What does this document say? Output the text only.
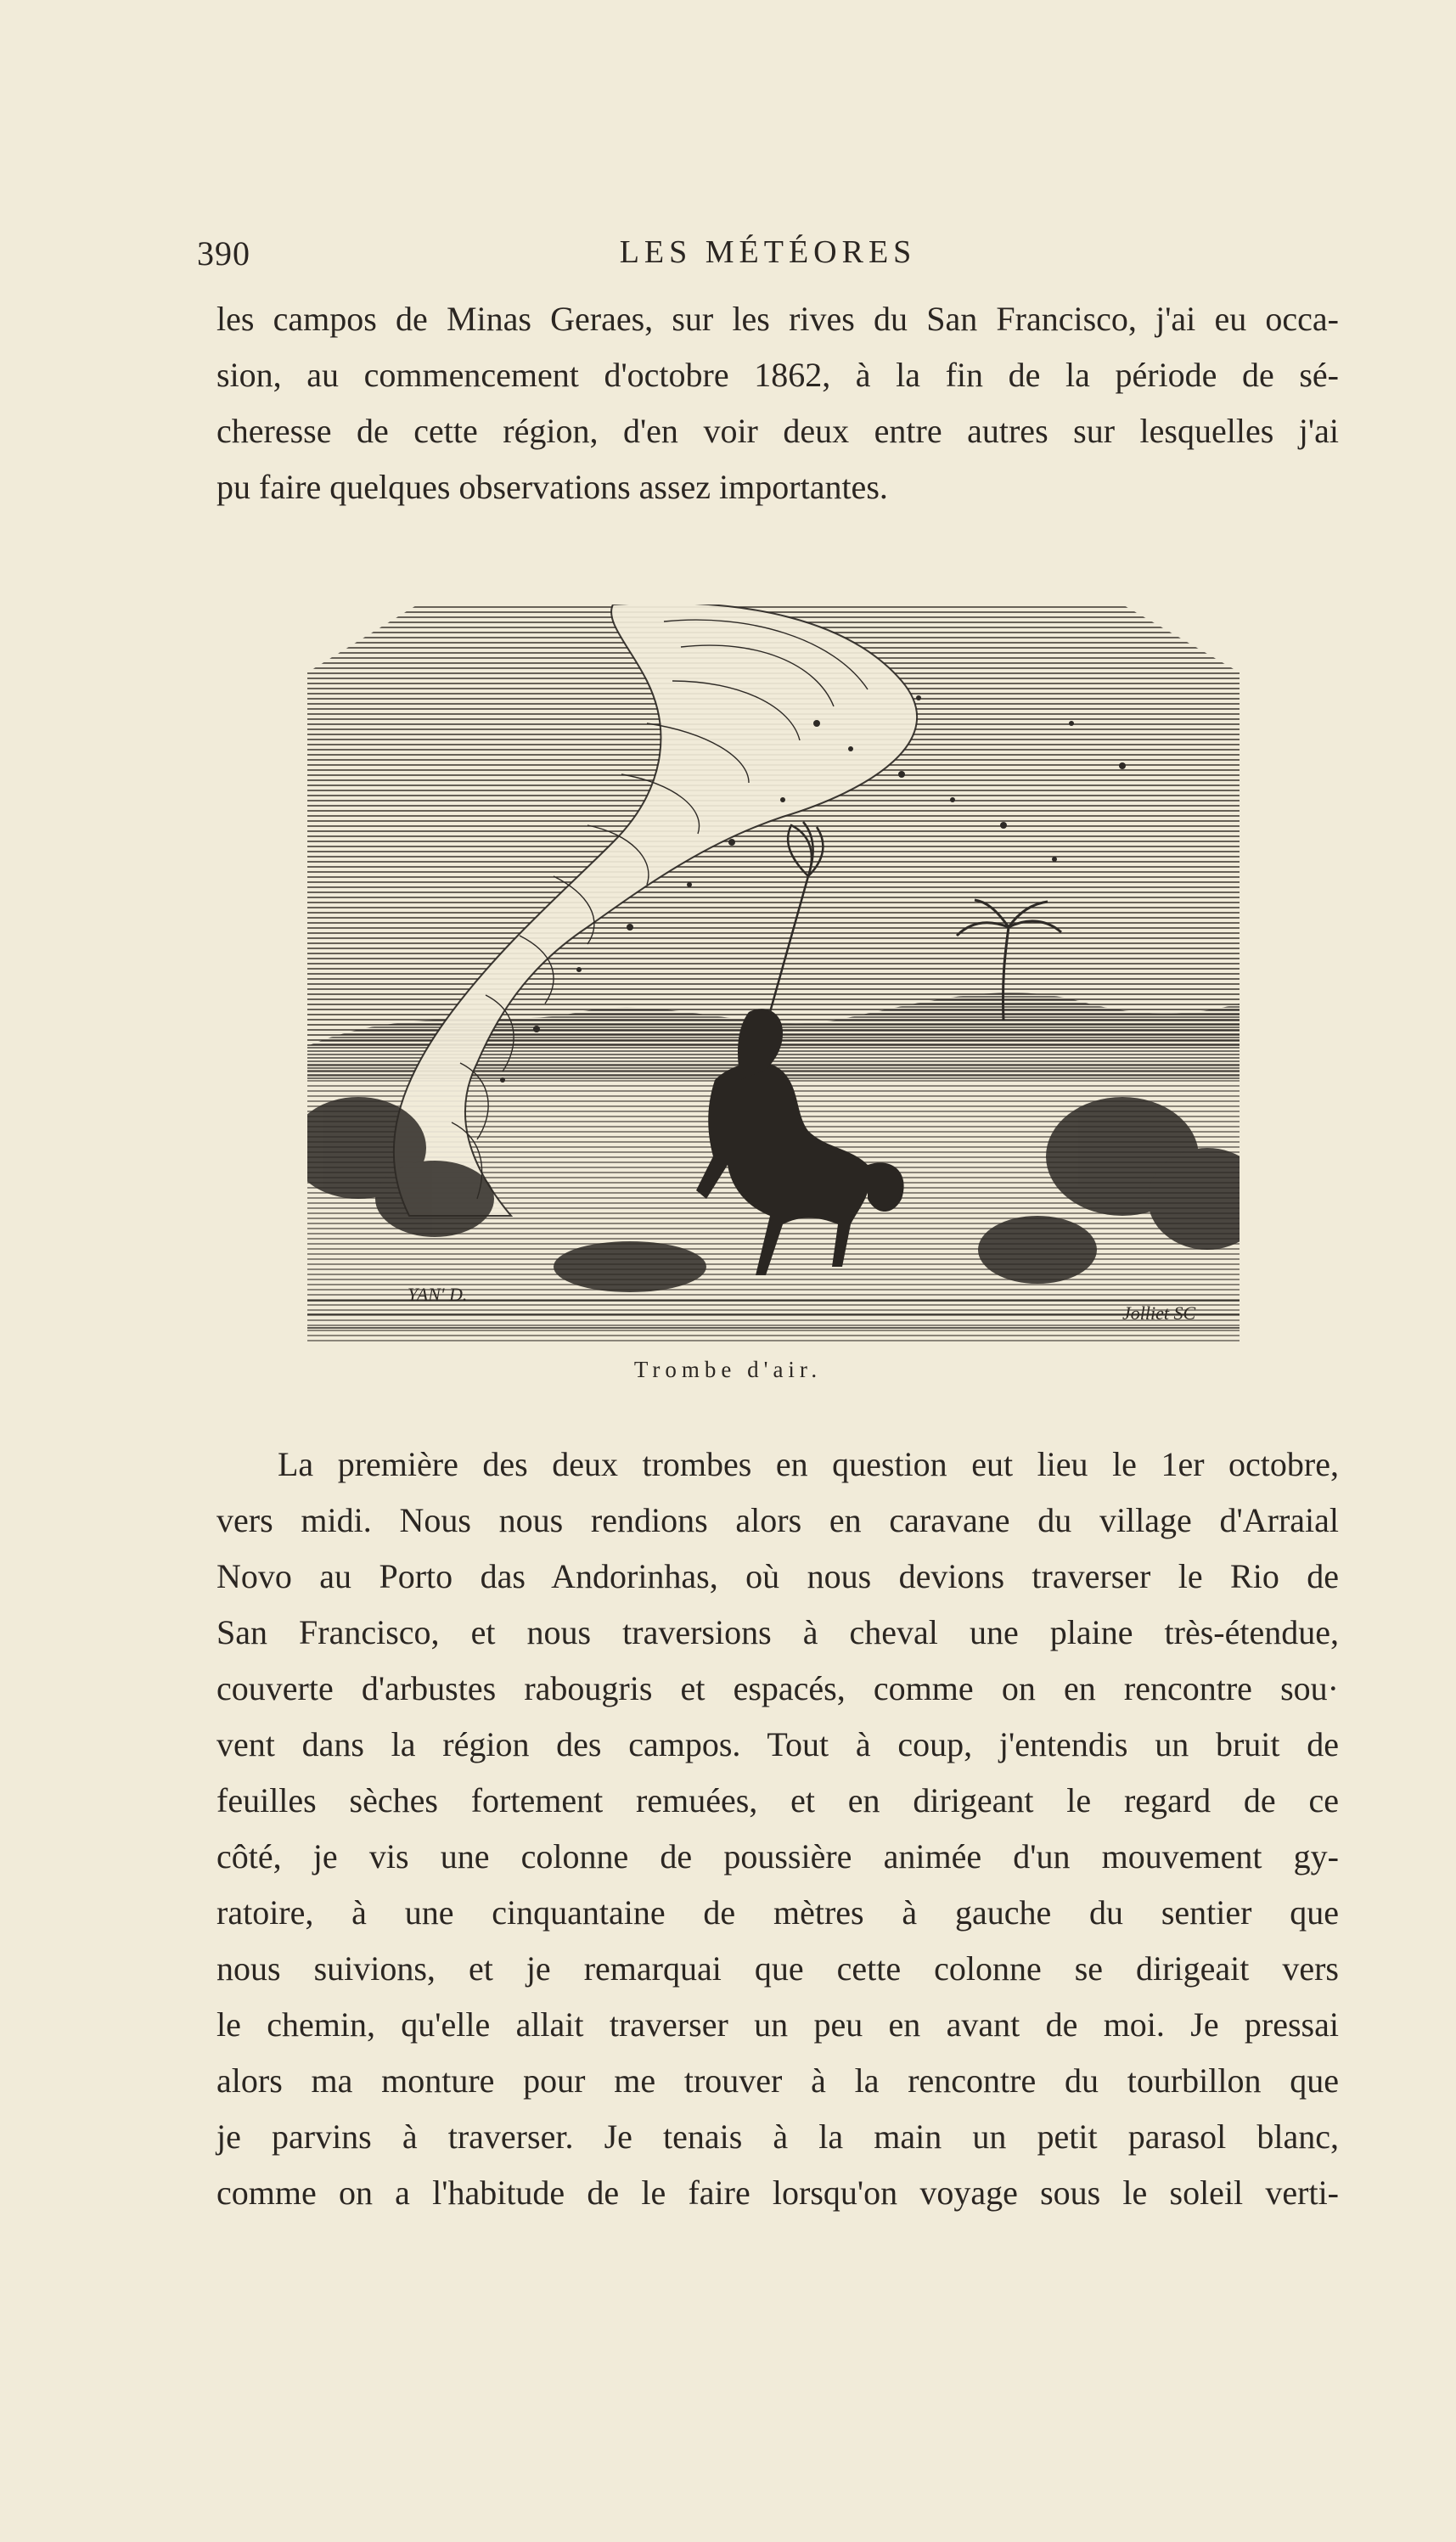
390	LES MÉTÉORES
les campos de Minas Geraes, sur les rives du San Francisco, j'ai eu occa-
sion, au commencement d'octobre 1862, à la fin de la période de sé-
cheresse de cette région, d'en voir deux entre autres sur lesquelles j'ai
pu faire quelques observations assez importantes.
YAN' D.
Jolliet SC
Trombe d'air.
La première des deux trombes en question eut lieu le 1er octobre,
vers midi. Nous nous rendions alors en caravane du village d'Arraial
Novo au Porto das Andorinhas, où nous devions traverser le Rio de
San Francisco, et nous traversions à cheval une plaine très-étendue,
couverte d'arbustes rabougris et espacés, comme on en rencontre sou·
vent dans la région des campos. Tout à coup, j'entendis un bruit de
feuilles sèches fortement remuées, et en dirigeant le regard de ce
côté, je vis une colonne de poussière animée d'un mouvement gy-
ratoire, à une cinquantaine de mètres à gauche du sentier que
nous suivions, et je remarquai que cette colonne se dirigeait vers
le chemin, qu'elle allait traverser un peu en avant de moi. Je pressai
alors ma monture pour me trouver à la rencontre du tourbillon que
je parvins à traverser. Je tenais à la main un petit parasol blanc,
comme on a l'habitude de le faire lorsqu'on voyage sous le soleil verti-
